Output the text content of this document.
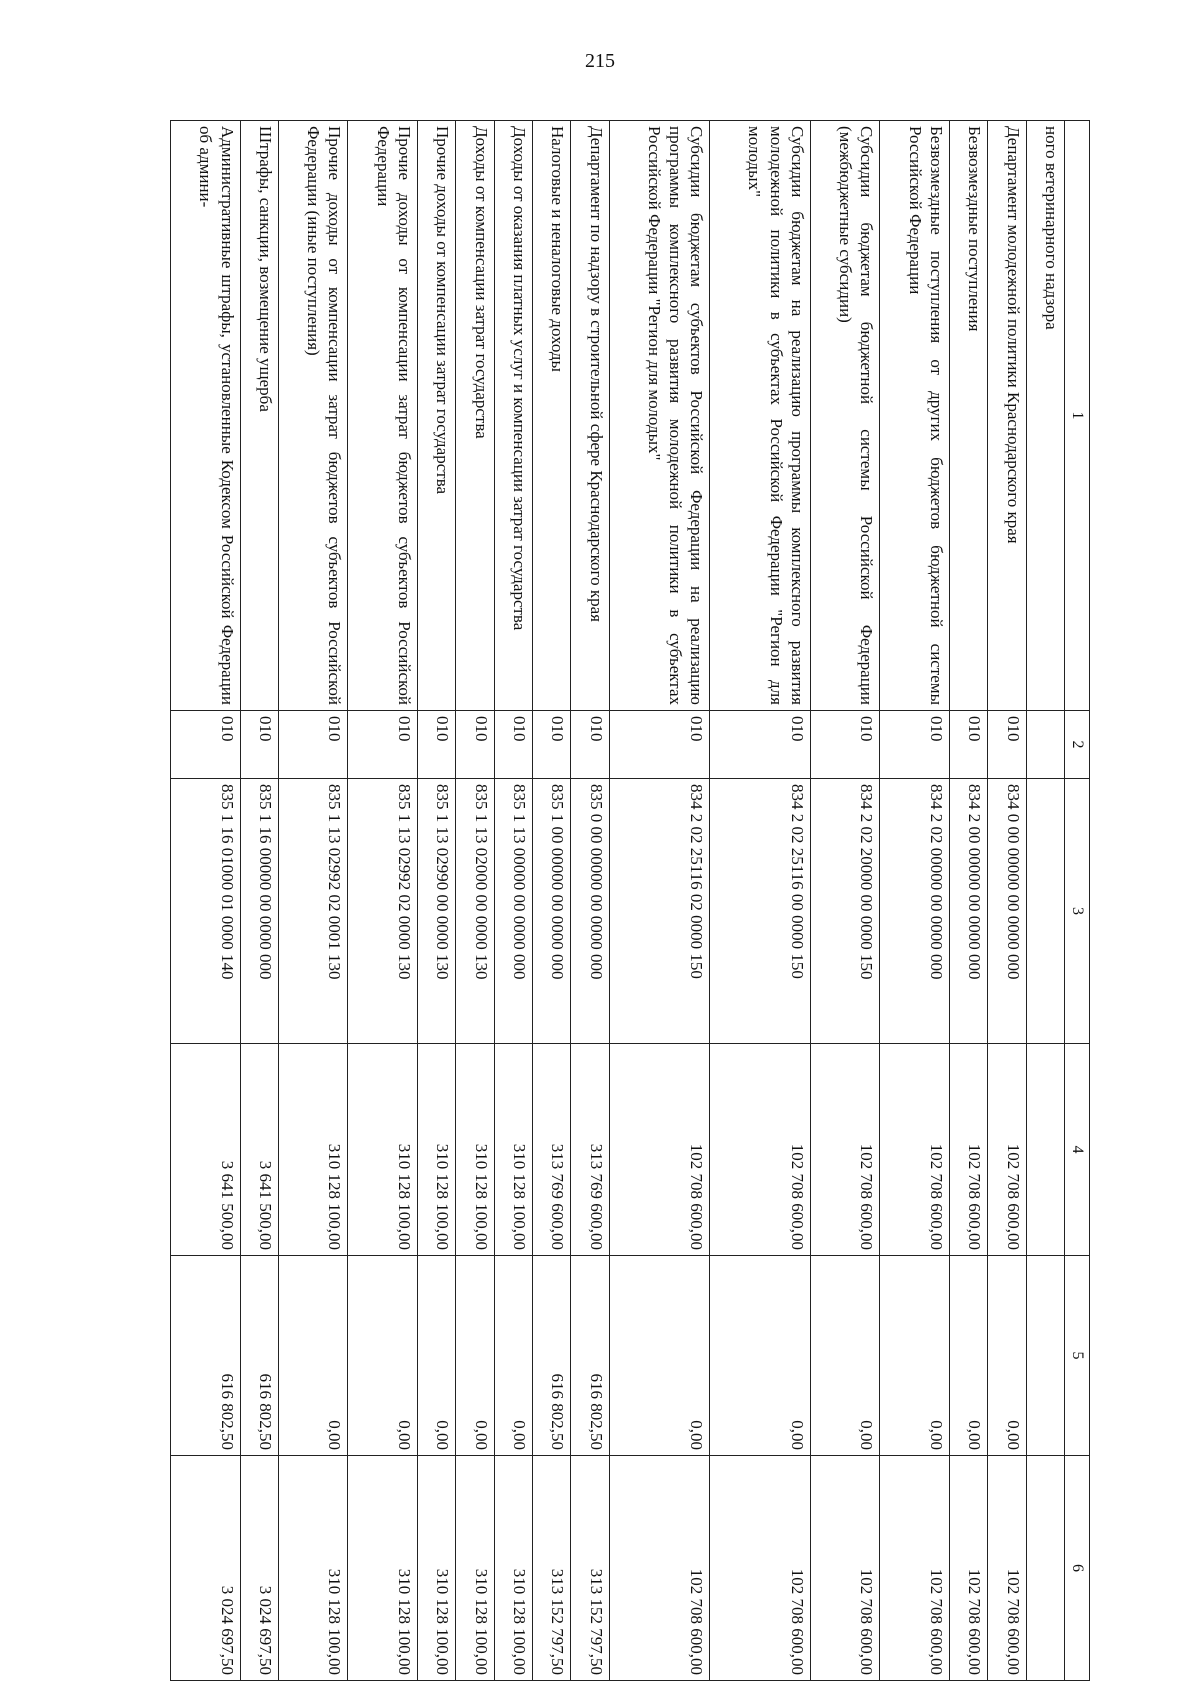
215
1	2	3	4	5	6
ного ветеринарного надзора					
Департамент молодежной политики Краснодарского края	010	834 0 00 00000 00 0000 000	102 708 600,00	0,00	102 708 600,00
Безвозмездные поступления	010	834 2 00 00000 00 0000 000	102 708 600,00	0,00	102 708 600,00
Безвозмездные поступления от других бюджетов бюджетной системы Российской Федерации	010	834 2 02 00000 00 0000 000	102 708 600,00	0,00	102 708 600,00
Субсидии бюджетам бюджетной системы Российской Федерации (межбюджетные субсидии)	010	834 2 02 20000 00 0000 150	102 708 600,00	0,00	102 708 600,00
Субсидии бюджетам на реализацию программы комплексного развития молодежной политики в субъектах Российской Федерации "Регион для молодых"	010	834 2 02 25116 00 0000 150	102 708 600,00	0,00	102 708 600,00
Субсидии бюджетам субъектов Российской Федерации на реализацию программы комплексного развития молодежной политики в субъектах Российской Федерации "Регион для молодых"	010	834 2 02 25116 02 0000 150	102 708 600,00	0,00	102 708 600,00
Департамент по надзору в строительной сфере Краснодарского края	010	835 0 00 00000 00 0000 000	313 769 600,00	616 802,50	313 152 797,50
Налоговые и неналоговые доходы	010	835 1 00 00000 00 0000 000	313 769 600,00	616 802,50	313 152 797,50
Доходы от оказания платных услуг и компенсации затрат государства	010	835 1 13 00000 00 0000 000	310 128 100,00	0,00	310 128 100,00
Доходы от компенсации затрат государства	010	835 1 13 02000 00 0000 130	310 128 100,00	0,00	310 128 100,00
Прочие доходы от компенсации затрат государства	010	835 1 13 02990 00 0000 130	310 128 100,00	0,00	310 128 100,00
Прочие доходы от компенсации затрат бюджетов субъектов Российской Федерации	010	835 1 13 02992 02 0000 130	310 128 100,00	0,00	310 128 100,00
Прочие доходы от компенсации затрат бюджетов субъектов Российской Федерации (иные поступления)	010	835 1 13 02992 02 0001 130	310 128 100,00	0,00	310 128 100,00
Штрафы, санкции, возмещение ущерба	010	835 1 16 00000 00 0000 000	3 641 500,00	616 802,50	3 024 697,50
Административные штрафы, установленные Кодексом Российской Федерации об админи-	010	835 1 16 01000 01 0000 140	3 641 500,00	616 802,50	3 024 697,50
